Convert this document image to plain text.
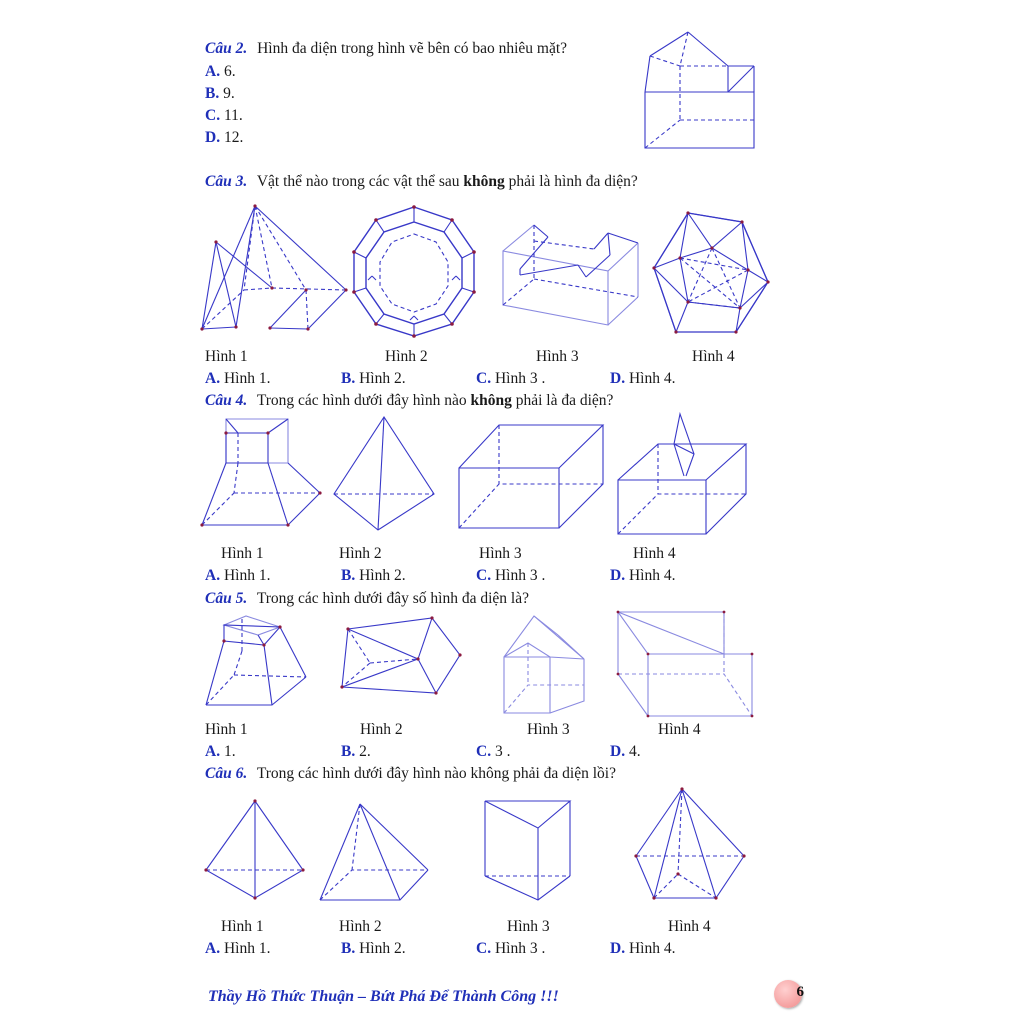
Câu 2. Hình đa diện trong hình vẽ bên có bao nhiêu mặt?
A. 6.
B. 9.
C. 11.
D. 12.
Câu 3. Vật thể nào trong các vật thể sau không phải là hình đa diện?
Hình 1	Hình 2	Hình 3	Hình 4
A. Hình 1.	B. Hình 2.	C. Hình 3 .	D. Hình 4.
Câu 4. Trong các hình dưới đây hình nào không phải là đa diện?
Hình 1	Hình 2	Hình 3	Hình 4
A. Hình 1.	B. Hình 2.	C. Hình 3 .	D. Hình 4.
Câu 5. Trong các hình dưới đây số hình đa diện là?
Hình 1	Hình 2	Hình 3	Hình 4
A. 1.	B. 2.	C. 3 .	D. 4.
Câu 6. Trong các hình dưới đây hình nào không phải đa diện lồi?
Hình 1	Hình 2	Hình 3	Hình 4
A. Hình 1.	B. Hình 2.	C. Hình 3 .	D. Hình 4.
Thầy Hồ Thức Thuận – Bứt Phá Để Thành Công !!!	6
